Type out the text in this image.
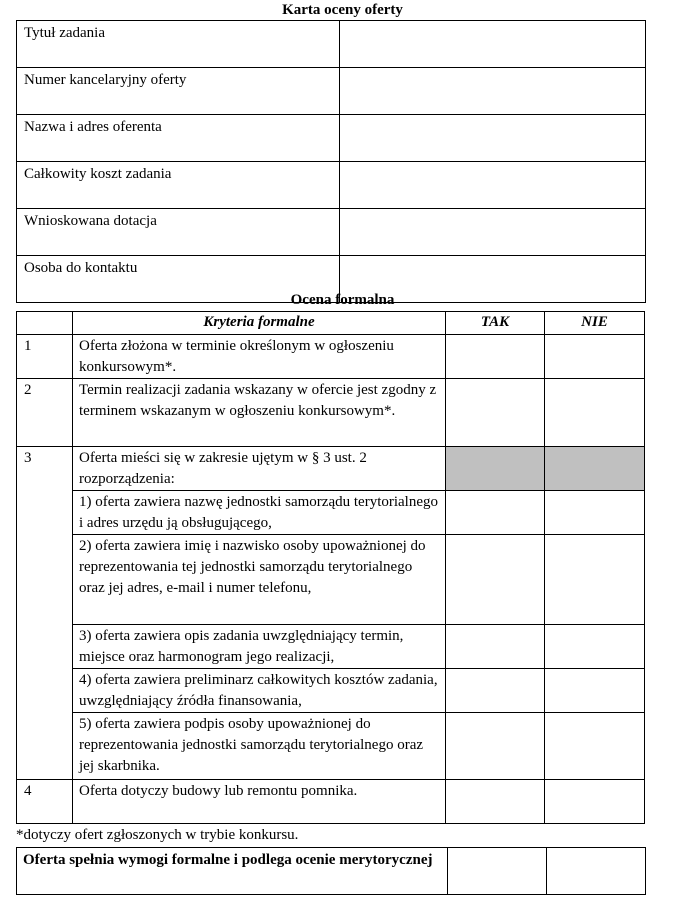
Karta oceny oferty
Tytuł zadania	
Numer kancelaryjny oferty	
Nazwa i adres oferenta	
Całkowity koszt zadania	
Wnioskowana dotacja	
Osoba do kontaktu	
Ocena formalna
	Kryteria formalne	TAK	NIE
1	Oferta złożona w terminie określonym w ogłoszeniu konkursowym*.		
2	Termin realizacji zadania wskazany w ofercie jest zgodny z terminem wskazanym w ogłoszeniu konkursowym*.		
3	Oferta mieści się w zakresie ujętym w § 3 ust. 2 rozporządzenia:		
	1) oferta zawiera nazwę jednostki samorządu terytorialnego i adres urzędu ją obsługującego,		
	2) oferta zawiera imię i nazwisko osoby upoważnionej do reprezentowania tej jednostki samorządu terytorialnego oraz jej adres, e-mail i numer telefonu,		
	3) oferta zawiera opis zadania uwzględniający termin, miejsce oraz harmonogram jego realizacji,		
	4) oferta zawiera preliminarz całkowitych kosztów zadania, uwzględniający źródła finansowania,		
	5) oferta zawiera podpis osoby upoważnionej do reprezentowania jednostki samorządu terytorialnego oraz jej skarbnika.		
4	Oferta dotyczy budowy lub remontu pomnika.		
*dotyczy ofert zgłoszonych w trybie konkursu.
Oferta spełnia wymogi formalne i podlega ocenie merytorycznej		
